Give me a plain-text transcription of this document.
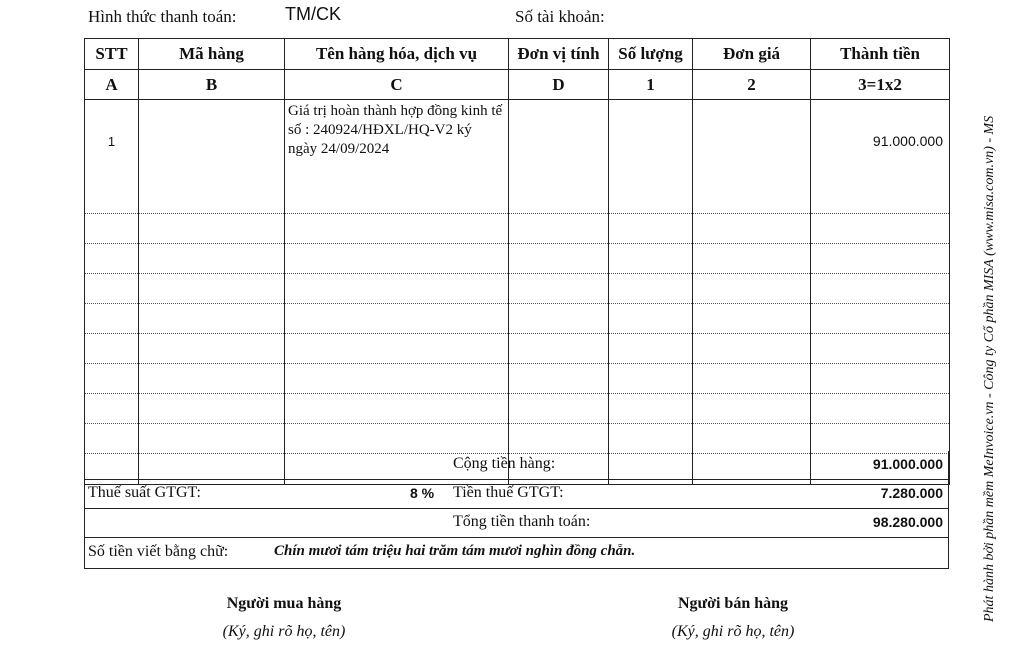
Hình thức thanh toán:	TM/CK	Số tài khoản:
STT	Mã hàng	Tên hàng hóa, dịch vụ	Đơn vị tính	Số lượng	Đơn giá	Thành tiền
A	B	C	D	1	2	3=1x2
1		Giá trị hoàn thành hợp đồng kinh tế số : 240924/HĐXL/HQ-V2 ký ngày 24/09/2024				91.000.000

Cộng tiền hàng:	91.000.000
Thuế suất GTGT:	8 % Tiền thuế GTGT:	7.280.000
Tổng tiền thanh toán:	98.280.000
Số tiền viết bằng chữ:	Chín mươi tám triệu hai trăm tám mươi nghìn đồng chẵn.
Người mua hàng
(Ký, ghi rõ họ, tên)
Người bán hàng
(Ký, ghi rõ họ, tên)
Phát hành bởi phần mềm MeInvoice.vn - Công ty Cổ phần MISA (www.misa.com.vn) - MS
